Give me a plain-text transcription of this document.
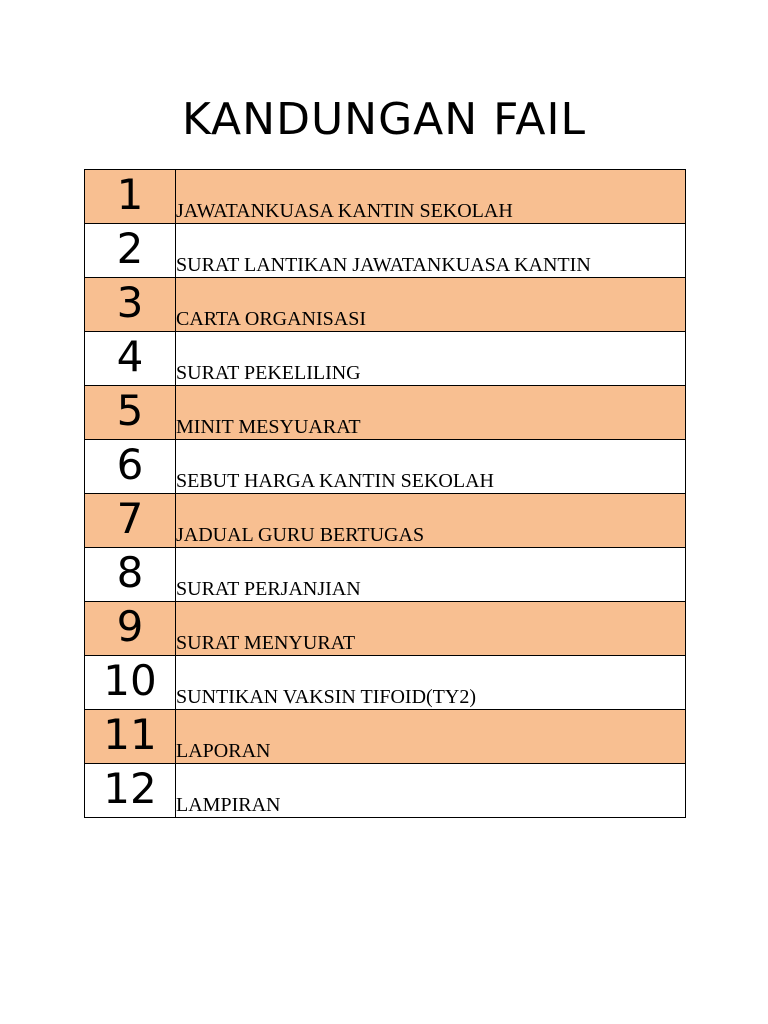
KANDUNGAN FAIL
1	JAWATANKUASA KANTIN SEKOLAH

2	SURAT LANTIKAN JAWATANKUASA KANTIN

3	CARTA ORGANISASI

4	SURAT PEKELILING

5	MINIT MESYUARAT

6	SEBUT HARGA KANTIN SEKOLAH

7	JADUAL GURU BERTUGAS

8	SURAT PERJANJIAN

9	SURAT MENYURAT

10	SUNTIKAN VAKSIN TIFOID(TY2)

11	LAPORAN

12	LAMPIRAN
